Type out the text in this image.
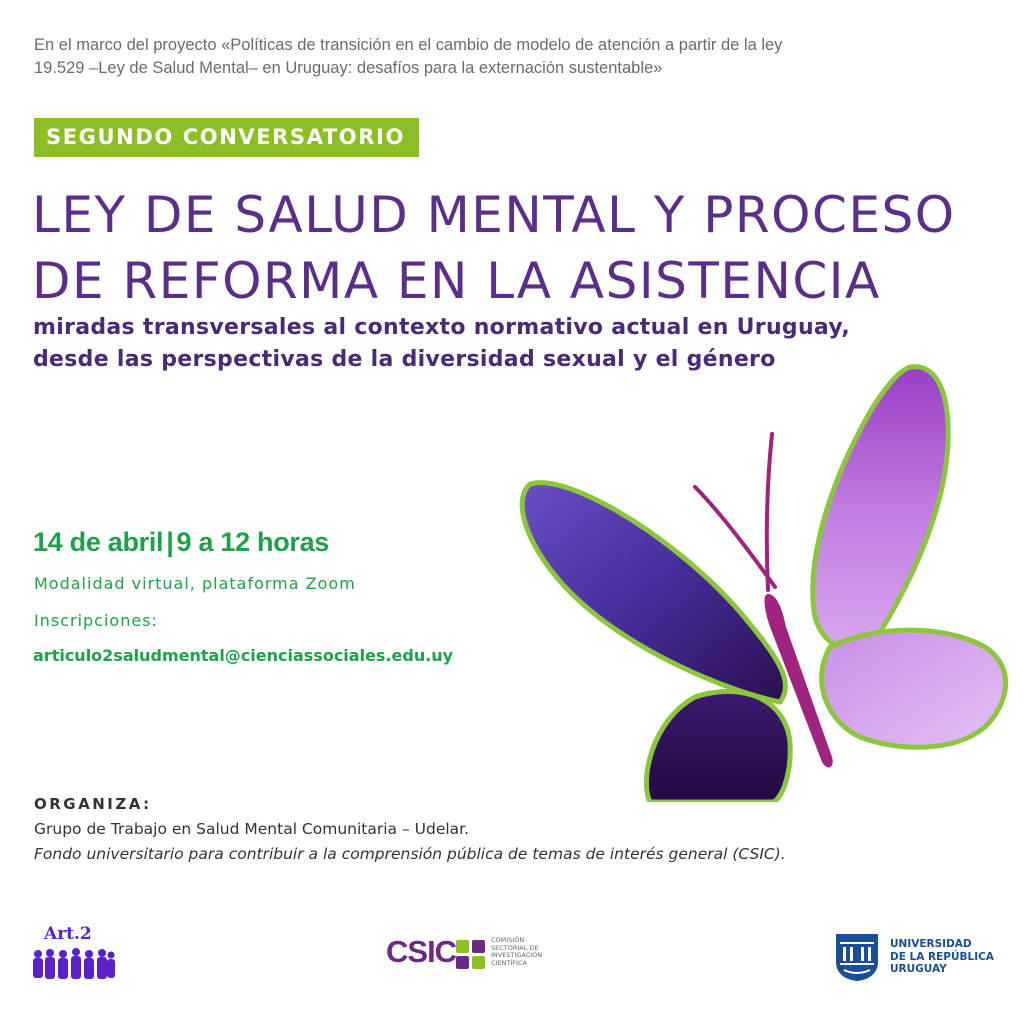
En el marco del proyecto «Políticas de transición en el cambio de modelo de atención a partir de la ley
19.529 –Ley de Salud Mental– en Uruguay: desafíos para la externación sustentable»
SEGUNDO CONVERSATORIO
LEY DE SALUD MENTAL Y PROCESO
DE REFORMA EN LA ASISTENCIA
miradas transversales al contexto normativo actual en Uruguay,
desde las perspectivas de la diversidad sexual y el género
14 de abril | 9 a 12 horas
Modalidad virtual, plataforma Zoom
Inscripciones:
articulo2saludmental@cienciassociales.edu.uy
ORGANIZA:
Grupo de Trabajo en Salud Mental Comunitaria – Udelar.
Fondo universitario para contribuir a la comprensión pública de temas de interés general (CSIC).
Art.2	CSIC	COMISIÓN
SECTORIAL DE
INVESTIGACIÓN
CIENTÍFICA
UNIVERSIDAD
DE LA REPÚBLICA
URUGUAY
